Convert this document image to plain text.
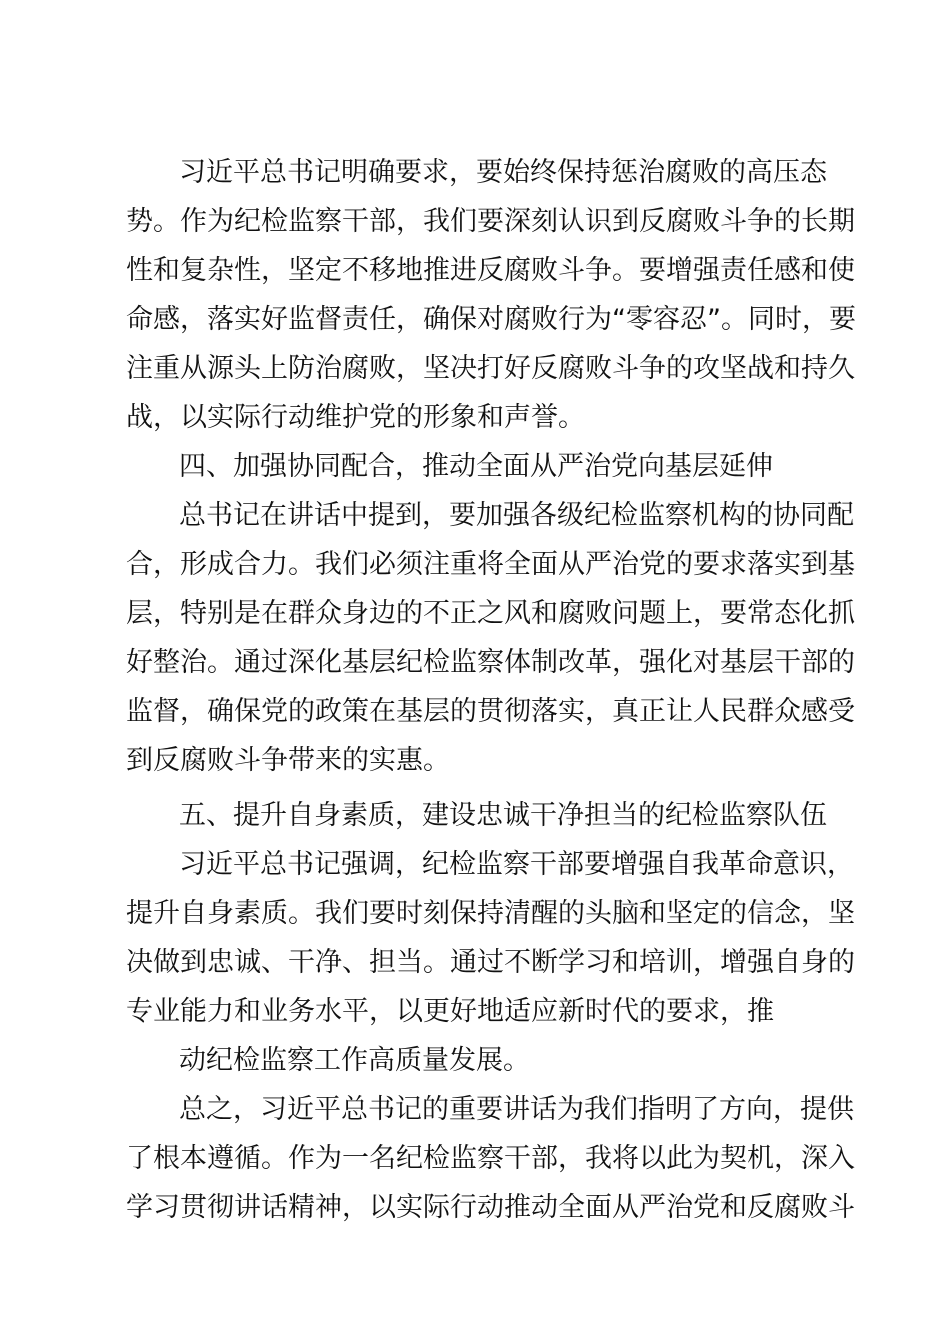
习近平总书记明确要求，要始终保持惩治腐败的高压态
势。作为纪检监察干部，我们要深刻认识到反腐败斗争的长期
性和复杂性，坚定不移地推进反腐败斗争。要增强责任感和使
命感，落实好监督责任，确保对腐败行为“零容忍”。同时，要
注重从源头上防治腐败，坚决打好反腐败斗争的攻坚战和持久
战，以实际行动维护党的形象和声誉。
四、加强协同配合，推动全面从严治党向基层延伸
总书记在讲话中提到，要加强各级纪检监察机构的协同配
合，形成合力。我们必须注重将全面从严治党的要求落实到基
层，特别是在群众身边的不正之风和腐败问题上，要常态化抓
好整治。通过深化基层纪检监察体制改革，强化对基层干部的
监督，确保党的政策在基层的贯彻落实，真正让人民群众感受
到反腐败斗争带来的实惠。
五、提升自身素质，建设忠诚干净担当的纪检监察队伍
习近平总书记强调，纪检监察干部要增强自我革命意识，
提升自身素质。我们要时刻保持清醒的头脑和坚定的信念，坚
决做到忠诚、干净、担当。通过不断学习和培训，增强自身的
专业能力和业务水平，以更好地适应新时代的要求，推
动纪检监察工作高质量发展。
总之，习近平总书记的重要讲话为我们指明了方向，提供
了根本遵循。作为一名纪检监察干部，我将以此为契机，深入
学习贯彻讲话精神，以实际行动推动全面从严治党和反腐败斗
